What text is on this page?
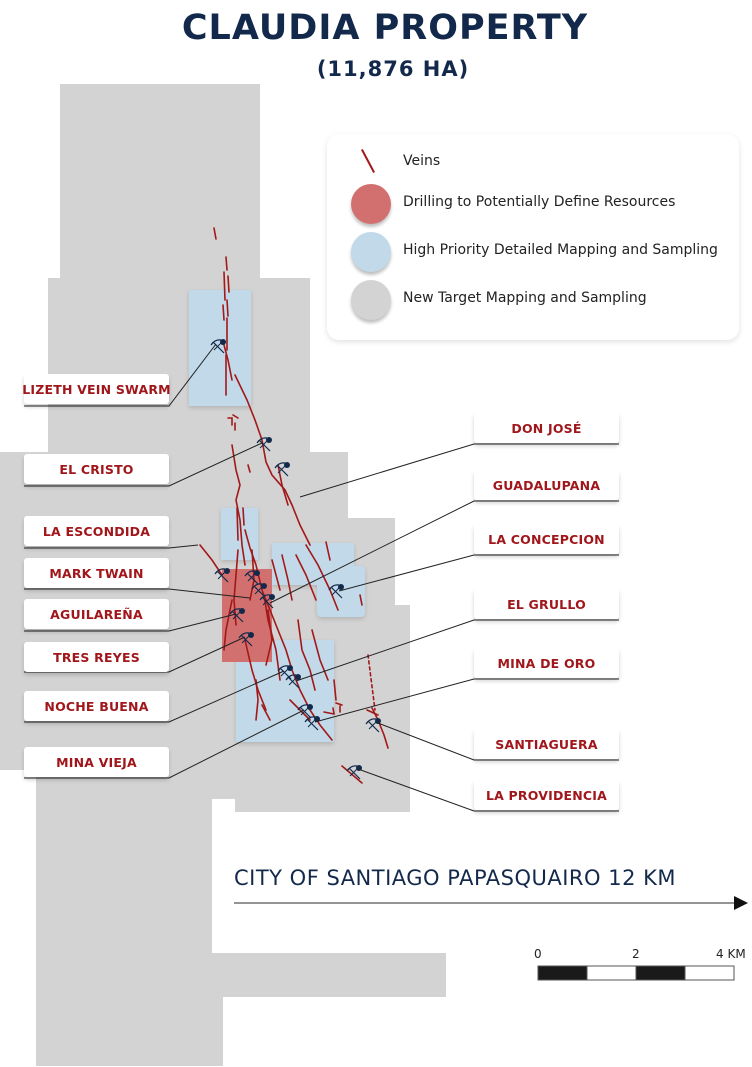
CLAUDIA PROPERTY
(11,876 HA)
Veins
Drilling to Potentially Define Resources
High Priority Detailed Mapping and Sampling
New Target Mapping and Sampling
LIZETH VEIN SWARM
EL CRISTO
LA ESCONDIDA
MARK TWAIN
AGUILAREÑA
TRES REYES
NOCHE BUENA
MINA VIEJA
DON JOSÉ
GUADALUPANA
LA CONCEPCION
EL GRULLO
MINA DE ORO
SANTIAGUERA
LA PROVIDENCIA
CITY OF SANTIAGO PAPASQUAIRO 12 KM
0	2	4 KM
